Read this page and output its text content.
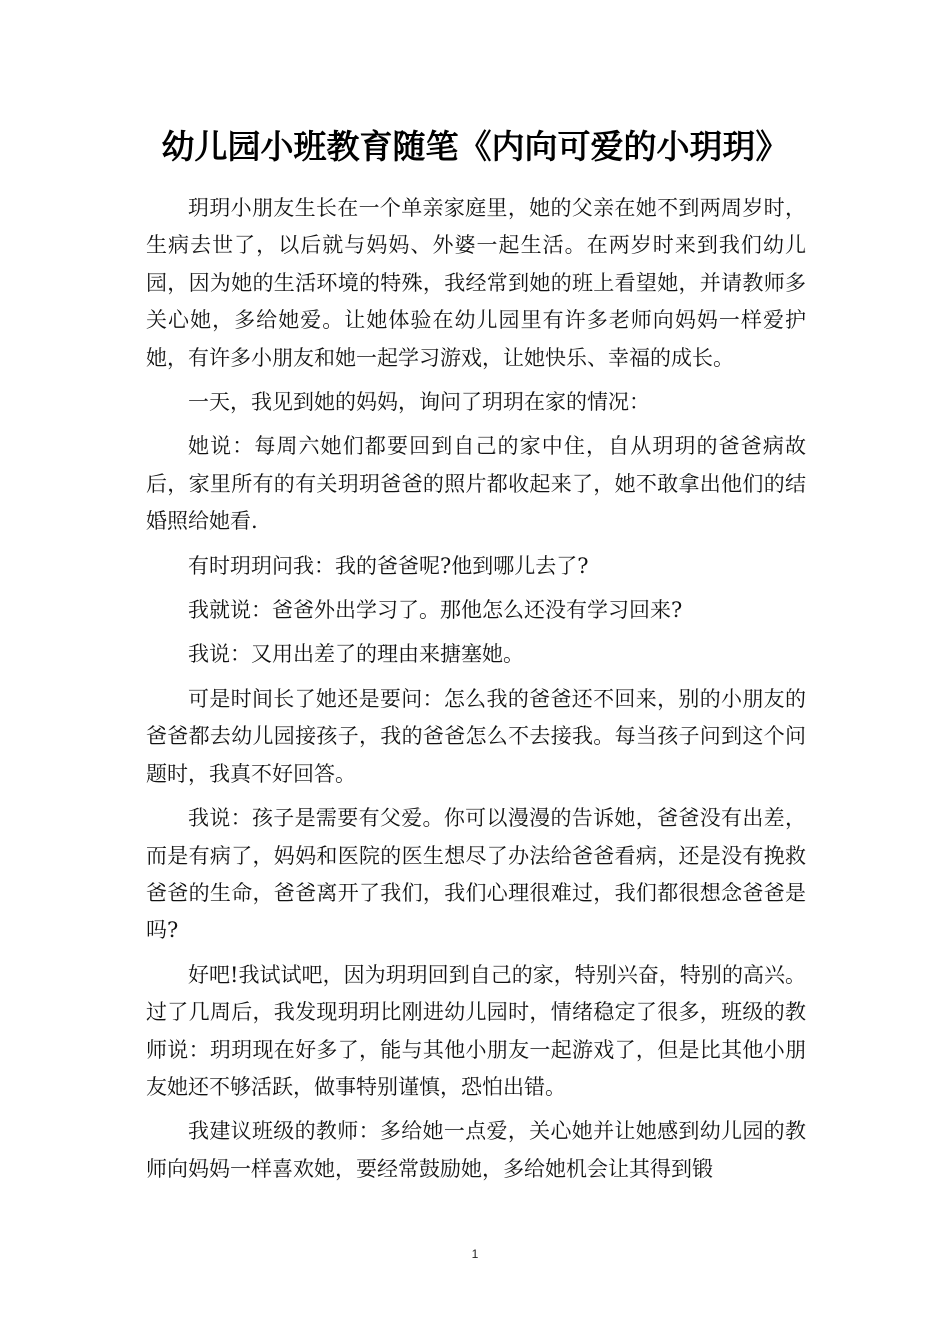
幼儿园小班教育随笔《内向可爱的小玥玥》

玥玥小朋友生长在一个单亲家庭里，她的父亲在她不到两周岁时，生病去世了，以后就与妈妈、外婆一起生活。在两岁时来到我们幼儿园，因为她的生活环境的特殊，我经常到她的班上看望她，并请教师多关心她，多给她爱。让她体验在幼儿园里有许多老师向妈妈一样爱护她，有许多小朋友和她一起学习游戏，让她快乐、幸福的成长。

一天，我见到她的妈妈，询问了玥玥在家的情况：

她说：每周六她们都要回到自己的家中住，自从玥玥的爸爸病故后，家里所有的有关玥玥爸爸的照片都收起来了，她不敢拿出他们的结婚照给她看.

有时玥玥问我：我的爸爸呢?他到哪儿去了?

我就说：爸爸外出学习了。那他怎么还没有学习回来?

我说：又用出差了的理由来搪塞她。

可是时间长了她还是要问：怎么我的爸爸还不回来，别的小朋友的爸爸都去幼儿园接孩子，我的爸爸怎么不去接我。每当孩子问到这个问题时，我真不好回答。

我说：孩子是需要有父爱。你可以漫漫的告诉她，爸爸没有出差，而是有病了，妈妈和医院的医生想尽了办法给爸爸看病，还是没有挽救爸爸的生命，爸爸离开了我们，我们心理很难过，我们都很想念爸爸是吗?

好吧!我试试吧，因为玥玥回到自己的家，特别兴奋，特别的高兴。过了几周后，我发现玥玥比刚进幼儿园时，情绪稳定了很多，班级的教师说：玥玥现在好多了，能与其他小朋友一起游戏了，但是比其他小朋友她还不够活跃，做事特别谨慎，恐怕出错。

我建议班级的教师：多给她一点爱，关心她并让她感到幼儿园的教师向妈妈一样喜欢她，要经常鼓励她，多给她机会让其得到锻

1
